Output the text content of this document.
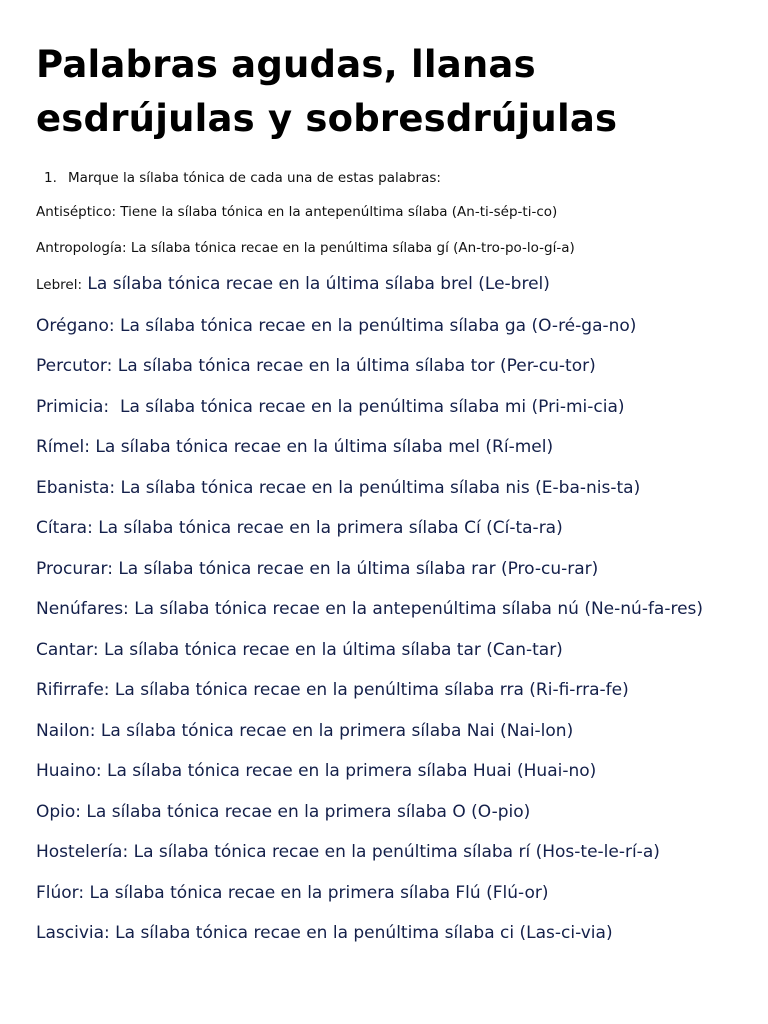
Palabras agudas, llanas
esdrújulas y sobresdrújulas

1. Marque la sílaba tónica de cada una de estas palabras:

Antiséptico: Tiene la sílaba tónica en la antepenúltima sílaba (An-ti-sép-ti-co)

Antropología: La sílaba tónica recae en la penúltima sílaba gí (An-tro-po-lo-gí-a)

Lebrel: La sílaba tónica recae en la última sílaba brel (Le-brel)

Orégano: La sílaba tónica recae en la penúltima sílaba ga (O-ré-ga-no)

Percutor: La sílaba tónica recae en la última sílaba tor (Per-cu-tor)

Primicia:  La sílaba tónica recae en la penúltima sílaba mi (Pri-mi-cia)

Rímel: La sílaba tónica recae en la última sílaba mel (Rí-mel)

Ebanista: La sílaba tónica recae en la penúltima sílaba nis (E-ba-nis-ta)

Cítara: La sílaba tónica recae en la primera sílaba Cí (Cí-ta-ra)

Procurar: La sílaba tónica recae en la última sílaba rar (Pro-cu-rar)

Nenúfares: La sílaba tónica recae en la antepenúltima sílaba nú (Ne-nú-fa-res)

Cantar: La sílaba tónica recae en la última sílaba tar (Can-tar)

Rifirrafe: La sílaba tónica recae en la penúltima sílaba rra (Ri-fi-rra-fe)

Nailon: La sílaba tónica recae en la primera sílaba Nai (Nai-lon)

Huaino: La sílaba tónica recae en la primera sílaba Huai (Huai-no)

Opio: La sílaba tónica recae en la primera sílaba O (O-pio)

Hostelería: La sílaba tónica recae en la penúltima sílaba rí (Hos-te-le-rí-a)

Flúor: La sílaba tónica recae en la primera sílaba Flú (Flú-or)

Lascivia: La sílaba tónica recae en la penúltima sílaba ci (Las-ci-via)
